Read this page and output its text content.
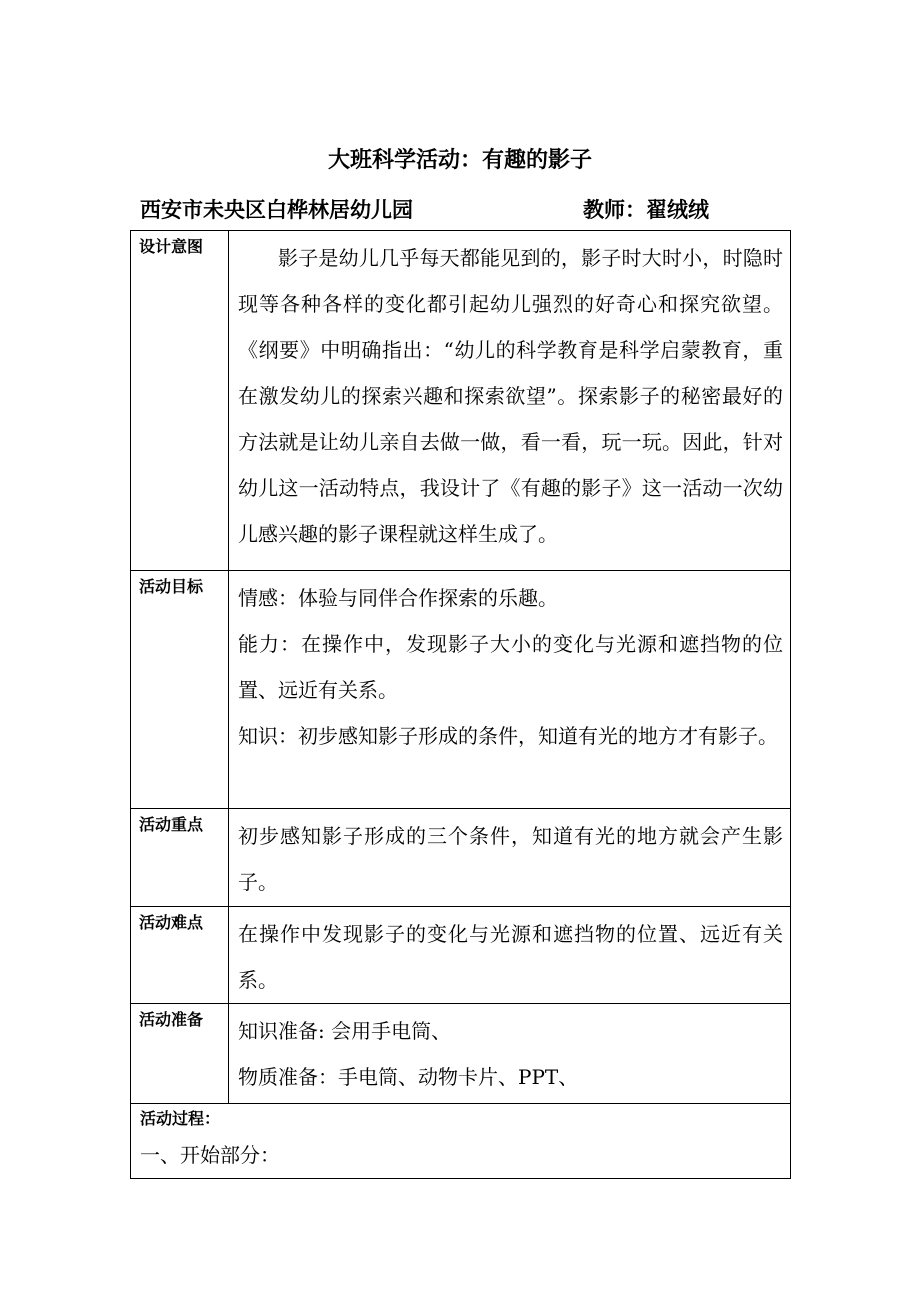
大班科学活动：有趣的影子
西安市未央区白桦林居幼儿园	教师：翟绒绒
设计意图	影子是幼儿几乎每天都能见到的，影子时大时小，时隐时现等各种各样的变化都引起幼儿强烈的好奇心和探究欲望。《纲要》中明确指出：“幼儿的科学教育是科学启蒙教育，重在激发幼儿的探索兴趣和探索欲望”。探索影子的秘密最好的方法就是让幼儿亲自去做一做，看一看，玩一玩。因此，针对幼儿这一活动特点，我设计了《有趣的影子》这一活动一次幼儿感兴趣的影子课程就这样生成了。

活动目标	情感：体验与同伴合作探索的乐趣。

能力：在操作中，发现影子大小的变化与光源和遮挡物的位置、远近有关系。

知识：初步感知影子形成的条件，知道有光的地方才有影子。

活动重点	初步感知影子形成的三个条件，知道有光的地方就会产生影子。

活动难点	在操作中发现影子的变化与光源和遮挡物的位置、远近有关系。

活动准备	知识准备: 会用手电筒、

物质准备：手电筒、动物卡片、PPT、

活动过程：
一、开始部分：	
